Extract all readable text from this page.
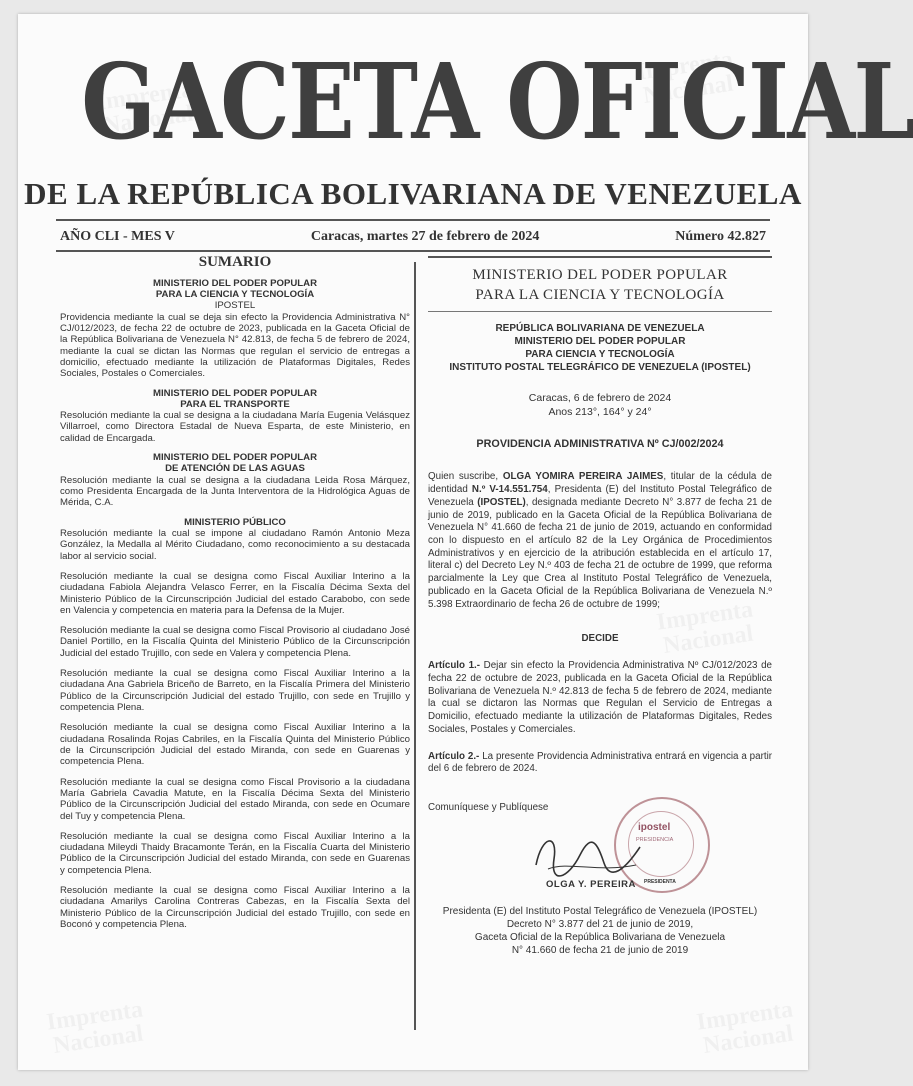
GACETA OFICIAL
DE LA REPÚBLICA BOLIVARIANA DE VENEZUELA
AÑO CLI - MES V	Caracas, martes 27 de febrero de 2024	Número 42.827
SUMARIO
MINISTERIO DEL PODER POPULAR
PARA LA CIENCIA Y TECNOLOGÍA
IPOSTEL
Providencia mediante la cual se deja sin efecto la Providencia Administrativa N° CJ/012/2023, de fecha 22 de octubre de 2023, publicada en la Gaceta Oficial de la República Bolivariana de Venezuela N° 42.813, de fecha 5 de febrero de 2024, mediante la cual se dictan las Normas que regulan el servicio de entregas a domicilio, efectuado mediante la utilización de Plataformas Digitales, Redes Sociales, Postales o Comerciales.
MINISTERIO DEL PODER POPULAR
PARA EL TRANSPORTE
Resolución mediante la cual se designa a la ciudadana María Eugenia Velásquez Villarroel, como Directora Estadal de Nueva Esparta, de este Ministerio, en calidad de Encargada.
MINISTERIO DEL PODER POPULAR
DE ATENCIÓN DE LAS AGUAS
Resolución mediante la cual se designa a la ciudadana Leida Rosa Márquez, como Presidenta Encargada de la Junta Interventora de la Hidrológica Aguas de Mérida, C.A.
MINISTERIO PÚBLICO
Resolución mediante la cual se impone al ciudadano Ramón Antonio Meza González, la Medalla al Mérito Ciudadano, como reconocimiento a su destacada labor al servicio social.
Resolución mediante la cual se designa como Fiscal Auxiliar Interino a la ciudadana Fabiola Alejandra Velasco Ferrer, en la Fiscalía Décima Sexta del Ministerio Público de la Circunscripción Judicial del estado Carabobo, con sede en Valencia y competencia en materia para la Defensa de la Mujer.
Resolución mediante la cual se designa como Fiscal Provisorio al ciudadano José Daniel Portillo, en la Fiscalía Quinta del Ministerio Público de la Circunscripción Judicial del estado Trujillo, con sede en Valera y competencia Plena.
Resolución mediante la cual se designa como Fiscal Auxiliar Interino a la ciudadana Ana Gabriela Briceño de Barreto, en la Fiscalía Primera del Ministerio Público de la Circunscripción Judicial del estado Trujillo, con sede en Trujillo y competencia Plena.
Resolución mediante la cual se designa como Fiscal Auxiliar Interino a la ciudadana Rosalinda Rojas Cabriles, en la Fiscalía Quinta del Ministerio Público de la Circunscripción Judicial del estado Miranda, con sede en Guarenas y competencia Plena.
Resolución mediante la cual se designa como Fiscal Provisorio a la ciudadana María Gabriela Cavadia Matute, en la Fiscalía Décima Sexta del Ministerio Público de la Circunscripción Judicial del estado Miranda, con sede en Ocumare del Tuy y competencia Plena.
Resolución mediante la cual se designa como Fiscal Auxiliar Interino a la ciudadana Mileydi Thaidy Bracamonte Terán, en la Fiscalía Cuarta del Ministerio Público de la Circunscripción Judicial del estado Miranda, con sede en Guarenas y competencia Plena.
Resolución mediante la cual se designa como Fiscal Auxiliar Interino a la ciudadana Amarilys Carolina Contreras Cabezas, en la Fiscalía Sexta del Ministerio Público de la Circunscripción Judicial del estado Trujillo, con sede en Boconó y competencia Plena.
MINISTERIO DEL PODER POPULAR
PARA LA CIENCIA Y TECNOLOGÍA
REPÚBLICA BOLIVARIANA DE VENEZUELA
MINISTERIO DEL PODER POPULAR
PARA CIENCIA Y TECNOLOGÍA
INSTITUTO POSTAL TELEGRÁFICO DE VENEZUELA (IPOSTEL)
Caracas, 6 de febrero de 2024
Anos 213°, 164° y 24°
PROVIDENCIA ADMINISTRATIVA Nº CJ/002/2024
Quien suscribe, OLGA YOMIRA PEREIRA JAIMES, titular de la cédula de identidad N.º V-14.551.754, Presidenta (E) del Instituto Postal Telegráfico de Venezuela (IPOSTEL), designada mediante Decreto N° 3.877 de fecha 21 de junio de 2019, publicado en la Gaceta Oficial de la República Bolivariana de Venezuela N° 41.660 de fecha 21 de junio de 2019, actuando en conformidad con lo dispuesto en el artículo 82 de la Ley Orgánica de Procedimientos Administrativos y en ejercicio de la atribución establecida en el artículo 17, literal c) del Decreto Ley N.º 403 de fecha 21 de octubre de 1999, que reforma parcialmente la Ley que Crea al Instituto Postal Telegráfico de Venezuela, publicado en la Gaceta Oficial de la República Bolivariana de Venezuela N.º 5.398 Extraordinario de fecha 26 de octubre de 1999;
DECIDE
Artículo 1.- Dejar sin efecto la Providencia Administrativa Nº CJ/012/2023 de fecha 22 de octubre de 2023, publicada en la Gaceta Oficial de la República Bolivariana de Venezuela N.º 42.813 de fecha 5 de febrero de 2024, mediante la cual se dictaron las Normas que Regulan el Servicio de Entregas a Domicilio, efectuado mediante la utilización de Plataformas Digitales, Redes Sociales, Postales y Comerciales.
Artículo 2.- La presente Providencia Administrativa entrará en vigencia a partir del 6 de febrero de 2024.
Comuníquese y Publíquese
ipostel
PRESIDENCIA
OLGA Y. PEREIRA PRESIDENTA
Presidenta (E) del Instituto Postal Telegráfico de Venezuela (IPOSTEL)
Decreto N° 3.877 del 21 de junio de 2019,
Gaceta Oficial de la República Bolivariana de Venezuela
N° 41.660 de fecha 21 de junio de 2019
